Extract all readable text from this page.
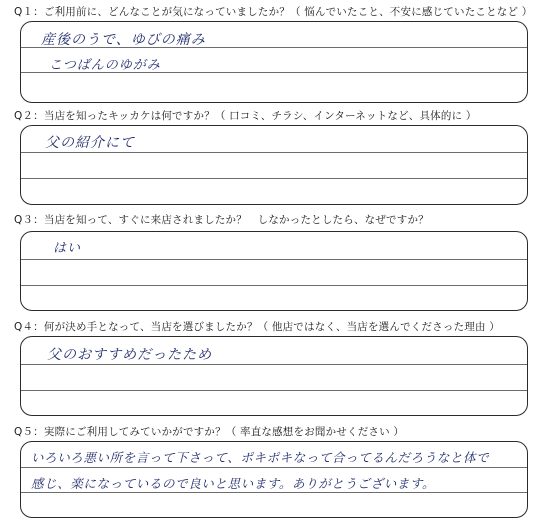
Q１：ご利用前に、どんなことが気になっていましたか？（ 悩んでいたこと、不安に感じていたことなど ）
産後のうで、ゆびの痛み
こつばんのゆがみ
Q２：当店を知ったキッカケは何ですか？（ 口コミ、チラシ、インターネットなど、具体的に ）
父の紹介にて
Q３：当店を知って、すぐに来店されましたか？　しなかったとしたら、なぜですか？
はい
Q４：何が決め手となって、当店を選びましたか？（ 他店ではなく、当店を選んでくださった理由 ）
父のおすすめだったため
Q５：実際にご利用してみていかがですか？（ 率直な感想をお聞かせください ）
いろいろ悪い所を言って下さって、ポキポキなって合ってるんだろうなと体で
感じ、楽になっているので良いと思います。ありがとうございます。
